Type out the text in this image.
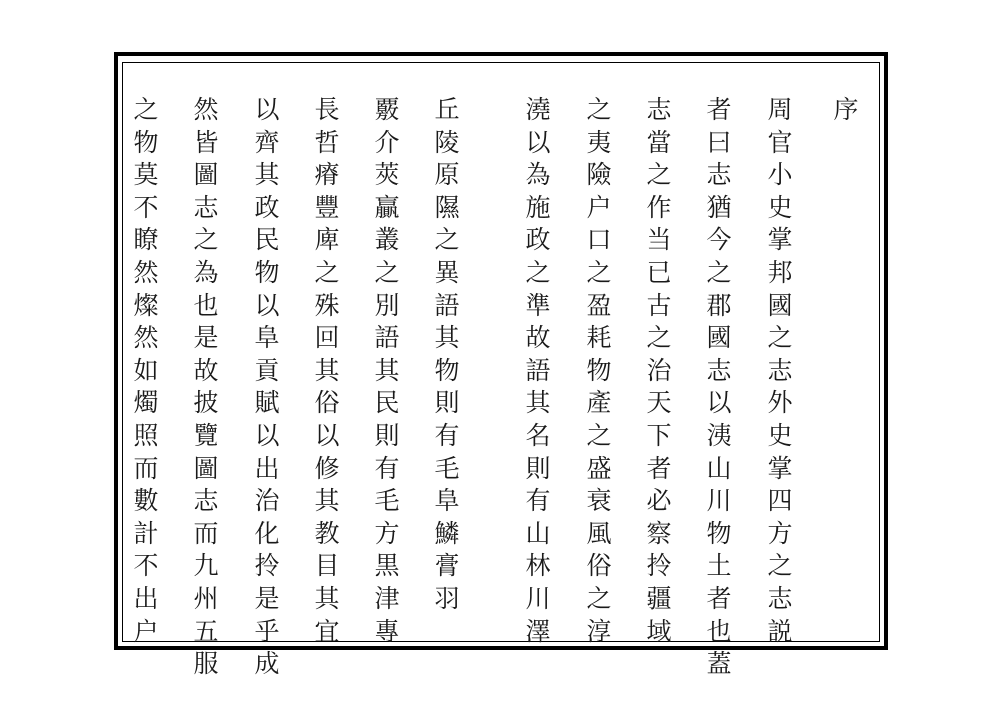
序
周
官
小
史
掌
邦
國
之
志
外
史
掌
四
方
之
志
説
者
曰
志
猶
今
之
郡
國
志
以
洟
山
川
物
土
者
也
蓋
志
當
之
作
当
已
古
之
治
天
下
者
必
察
拎
疆
域
之
夷
險
户
口
之
盈
耗
物
產
之
盛
衰
風
俗
之
淳
澆
以
為
施
政
之
準
故
語
其
名
則
有
山
林
川
澤
丘
陵
原
隰
之
異
語
其
物
則
有
毛
阜
鱗
膏
羽
覈
介
莢
贏
叢
之
別
語
其
民
則
有
毛
方
黒
津
專
長
哲
瘠
豐
庳
之
殊
回
其
俗
以
修
其
教
目
其
宜
以
齊
其
政
民
物
以
阜
貢
賦
以
出
治
化
拎
是
乎
成
然
皆
圖
志
之
為
也
是
故
披
覽
圖
志
而
九
州
五
服
之
物
莫
不
瞭
然
燦
然
如
燭
照
而
數
計
不
出
户
